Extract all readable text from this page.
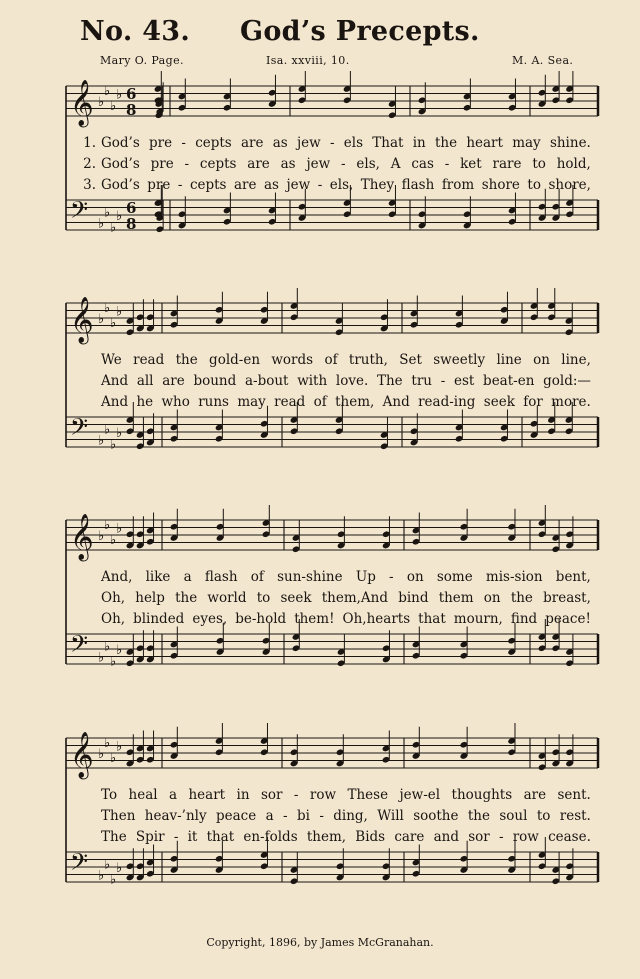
No. 43. God’s Precepts.
Mary O. Page.	Isa. xxviii, 10.	M. A. Sea.
𝄞 ♭
♭
♭
♭ 6
8
𝄢 ♭
♭
♭
♭ 6
8
1. God’s pre - cepts are as jew - els That in the heart may shine.
2. God’s pre - cepts are as jew - els, A cas - ket rare to hold,
3. God’s pre - cepts are as jew - els, They flash from shore to shore,
𝄞 ♭
♭
♭
♭
𝄢 ♭
♭
♭
♭
We read the gold-en words of truth, Set sweetly line on line,
And all are bound a-bout with love. The tru - est beat-en gold:—
And he who runs may read of them, And read-ing seek for more.
𝄞 ♭
♭
♭
♭
𝄢 ♭
♭
♭
♭
And, like a flash of sun-shine Up - on some mis-sion bent,
Oh, help the world to seek them,And bind them on the breast,
Oh, blinded eyes, be-hold them! Oh,hearts that mourn, find peace!
𝄞 ♭
♭
♭
♭
𝄢 ♭
♭
♭
♭
To heal a heart in sor - row These jew-el thoughts are sent.
Then heav-’nly peace a - bi - ding, Will soothe the soul to rest.
The Spir - it that en-folds them, Bids care and sor - row cease.
Copyright, 1896, by James McGranahan.
